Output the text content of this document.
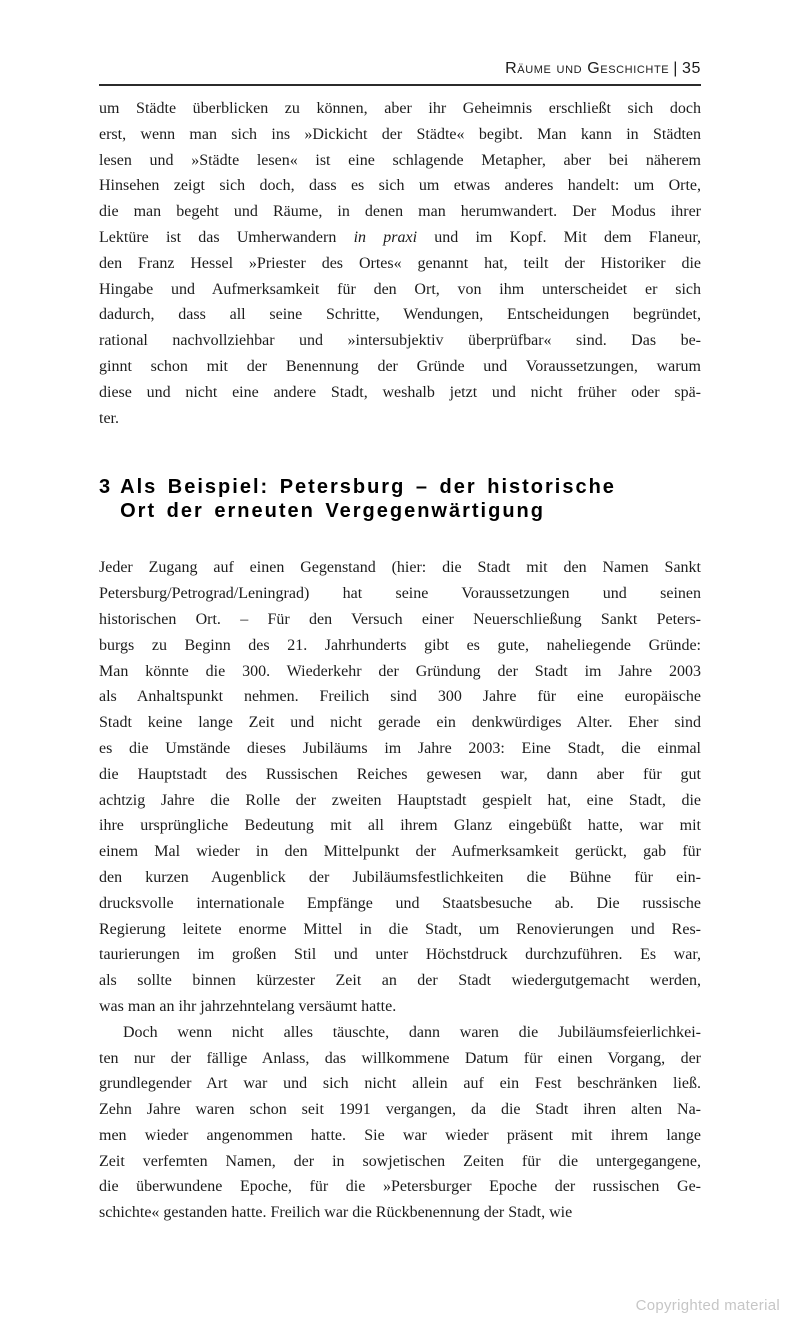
Räume und Geschichte | 35
um Städte überblicken zu können, aber ihr Geheimnis erschließt sich doch
erst, wenn man sich ins »Dickicht der Städte« begibt. Man kann in Städten
lesen und »Städte lesen« ist eine schlagende Metapher, aber bei näherem
Hinsehen zeigt sich doch, dass es sich um etwas anderes handelt: um Orte,
die man begeht und Räume, in denen man herumwandert. Der Modus ihrer
Lektüre ist das Umherwandern in praxi und im Kopf. Mit dem Flaneur,
den Franz Hessel »Priester des Ortes« genannt hat, teilt der Historiker die
Hingabe und Aufmerksamkeit für den Ort, von ihm unterscheidet er sich
dadurch, dass all seine Schritte, Wendungen, Entscheidungen begründet,
rational nachvollziehbar und »intersubjektiv überprüfbar« sind. Das be-
ginnt schon mit der Benennung der Gründe und Voraussetzungen, warum
diese und nicht eine andere Stadt, weshalb jetzt und nicht früher oder spä-
ter.
3 Als Beispiel: Petersburg – der historische
Ort der erneuten Vergegenwärtigung
Jeder Zugang auf einen Gegenstand (hier: die Stadt mit den Namen Sankt
Petersburg/Petrograd/Leningrad) hat seine Voraussetzungen und seinen
historischen Ort. – Für den Versuch einer Neuerschließung Sankt Peters-
burgs zu Beginn des 21. Jahrhunderts gibt es gute, naheliegende Gründe:
Man könnte die 300. Wiederkehr der Gründung der Stadt im Jahre 2003
als Anhaltspunkt nehmen. Freilich sind 300 Jahre für eine europäische
Stadt keine lange Zeit und nicht gerade ein denkwürdiges Alter. Eher sind
es die Umstände dieses Jubiläums im Jahre 2003: Eine Stadt, die einmal
die Hauptstadt des Russischen Reiches gewesen war, dann aber für gut
achtzig Jahre die Rolle der zweiten Hauptstadt gespielt hat, eine Stadt, die
ihre ursprüngliche Bedeutung mit all ihrem Glanz eingebüßt hatte, war mit
einem Mal wieder in den Mittelpunkt der Aufmerksamkeit gerückt, gab für
den kurzen Augenblick der Jubiläumsfestlichkeiten die Bühne für ein-
drucksvolle internationale Empfänge und Staatsbesuche ab. Die russische
Regierung leitete enorme Mittel in die Stadt, um Renovierungen und Res-
taurierungen im großen Stil und unter Höchstdruck durchzuführen. Es war,
als sollte binnen kürzester Zeit an der Stadt wiedergutgemacht werden,
was man an ihr jahrzehntelang versäumt hatte.
Doch wenn nicht alles täuschte, dann waren die Jubiläumsfeierlichkei-
ten nur der fällige Anlass, das willkommene Datum für einen Vorgang, der
grundlegender Art war und sich nicht allein auf ein Fest beschränken ließ.
Zehn Jahre waren schon seit 1991 vergangen, da die Stadt ihren alten Na-
men wieder angenommen hatte. Sie war wieder präsent mit ihrem lange
Zeit verfemten Namen, der in sowjetischen Zeiten für die untergegangene,
die überwundene Epoche, für die »Petersburger Epoche der russischen Ge-
schichte« gestanden hatte. Freilich war die Rückbenennung der Stadt, wie
Copyrighted material
